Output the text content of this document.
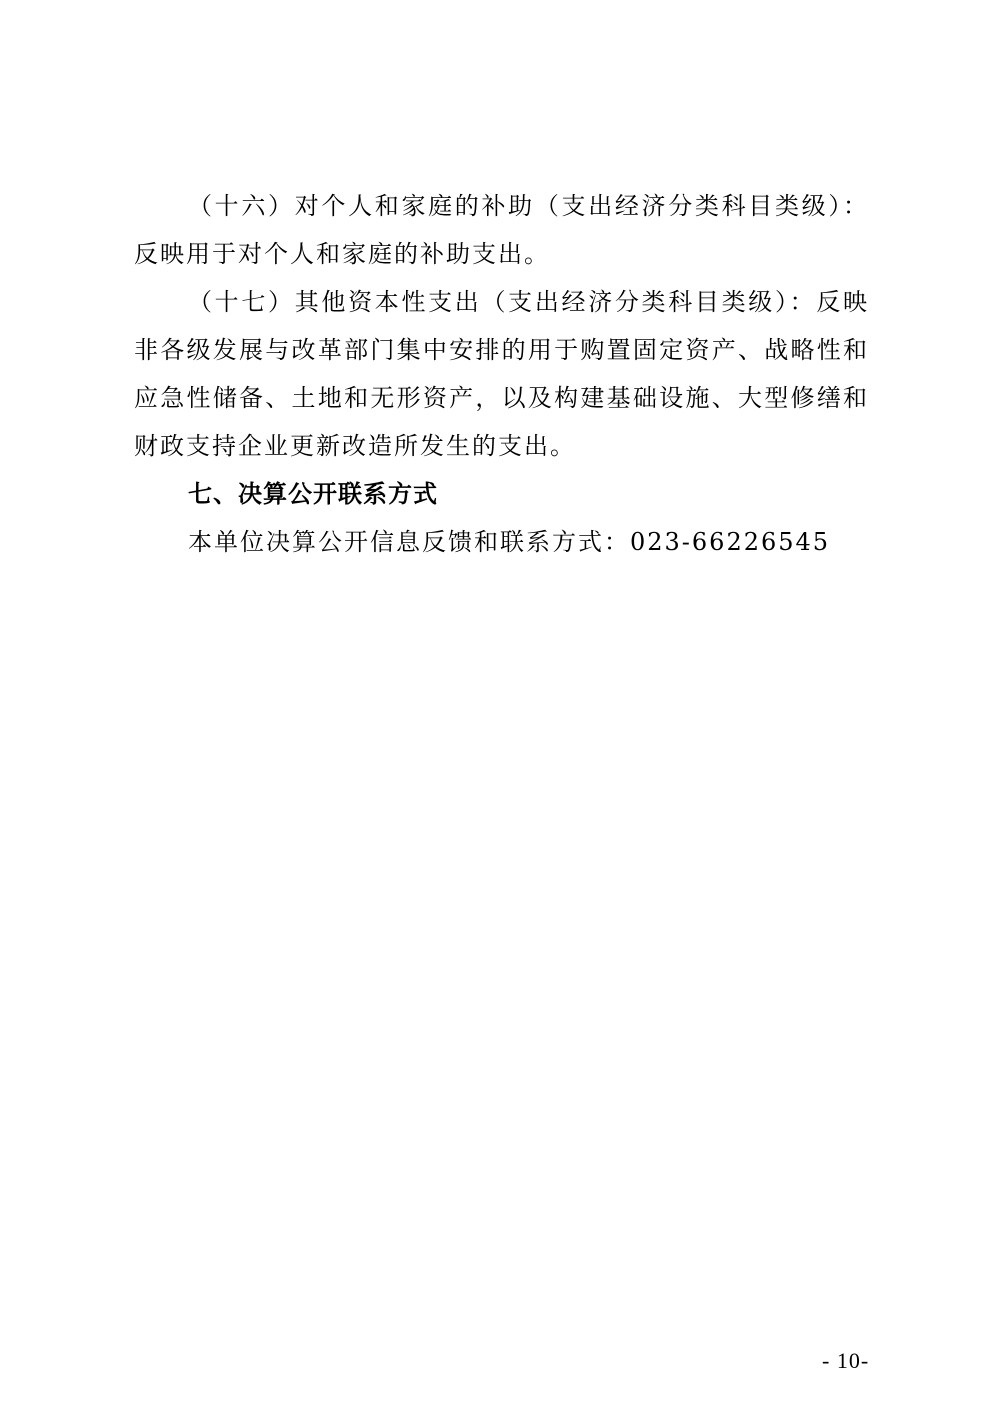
（十六）对个人和家庭的补助（支出经济分类科目类级）：反映用于对个人和家庭的补助支出。

（十七）其他资本性支出（支出经济分类科目类级）：反映非各级发展与改革部门集中安排的用于购置固定资产、战略性和应急性储备、土地和无形资产，以及构建基础设施、大型修缮和财政支持企业更新改造所发生的支出。

七、决算公开联系方式

本单位决算公开信息反馈和联系方式：023-66226545

- 10-
